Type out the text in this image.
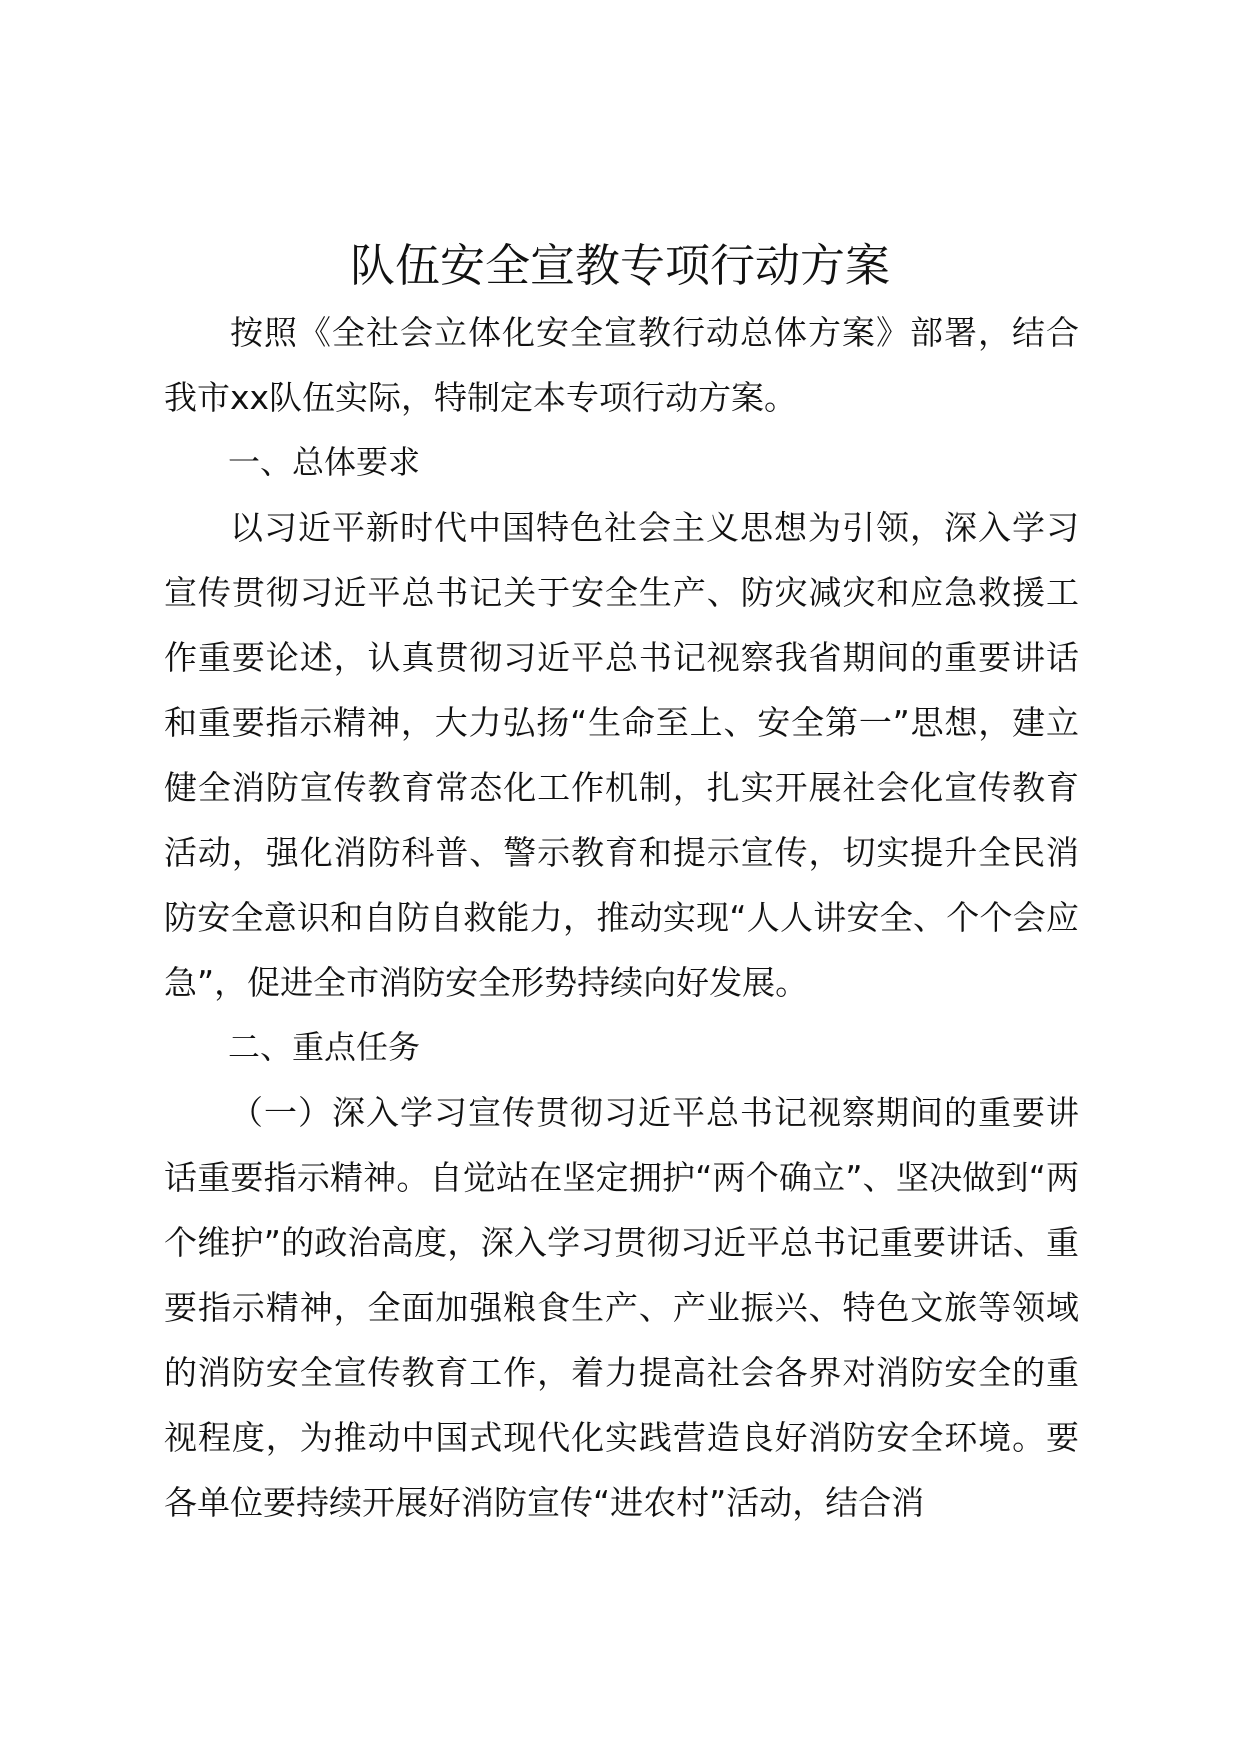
队伍安全宣教专项行动方案

按照《全社会立体化安全宣教行动总体方案》部署，结合我市xx队伍实际，特制定本专项行动方案。

一、总体要求

以习近平新时代中国特色社会主义思想为引领，深入学习宣传贯彻习近平总书记关于安全生产、防灾减灾和应急救援工作重要论述，认真贯彻习近平总书记视察我省期间的重要讲话和重要指示精神，大力弘扬“生命至上、安全第一”思想，建立健全消防宣传教育常态化工作机制，扎实开展社会化宣传教育活动，强化消防科普、警示教育和提示宣传，切实提升全民消防安全意识和自防自救能力，推动实现“人人讲安全、个个会应急”，促进全市消防安全形势持续向好发展。

二、重点任务

（一）深入学习宣传贯彻习近平总书记视察期间的重要讲话重要指示精神。自觉站在坚定拥护“两个确立”、坚决做到“两个维护”的政治高度，深入学习贯彻习近平总书记重要讲话、重要指示精神，全面加强粮食生产、产业振兴、特色文旅等领域的消防安全宣传教育工作，着力提高社会各界对消防安全的重视程度，为推动中国式现代化实践营造良好消防安全环境。要各单位要持续开展好消防宣传“进农村”活动，结合消
